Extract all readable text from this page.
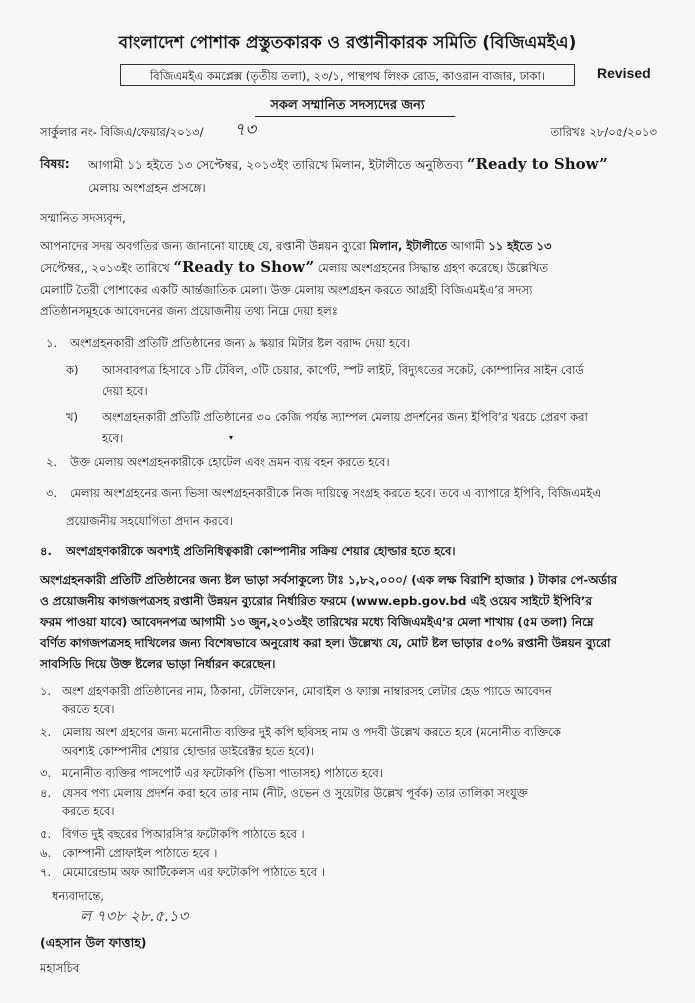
বাংলাদেশ পোশাক প্রস্তুতকারক ও রপ্তানীকারক সমিতি (বিজিএমইএ)
বিজিএমইএ কমপ্লেক্স (তৃতীয় তলা), ২৩/১, পান্থপথ লিংক রোড, কাওরান বাজার, ঢাকা।	Revised
সকল সম্মানিত সদস্যদের জন্য
সার্কুলার নং- বিজিএ/ফেয়ার/২০১৩/ ৭৩	তারিখঃ ২৮/০৫/২০১৩
বিষয়: আগামী ১১ হইতে ১৩ সেপ্টেম্বর, ২০১৩ইং তারিখে মিলান, ইটালীতে অনুষ্ঠিতব্য “Ready to Show”
মেলায় অংশগ্রহন প্রসঙ্গে।
সম্মানিত সদস্যবৃন্দ,
আপনাদের সদয় অবগতির জন্য জানানো যাচ্ছে যে, রপ্তানী উন্নয়ন ব্যুরো মিলান, ইটালীতে আগামী ১১ হইতে ১৩
সেপ্টেম্বর,, ২০১৩ইং তারিখে “Ready to Show” মেলায় অংশগ্রহনের সিদ্ধান্ত গ্রহণ করেছে। উল্লেখিত
মেলাটি তৈরী পোশাকের একটি আর্ন্তজাতিক মেলা। উক্ত মেলায় অংশগ্রহন করতে আগ্রহী বিজিএমইএ’র সদস্য
প্রতিষ্ঠানসমূহকে আবেদনের জন্য প্রয়োজনীয় তথ্য নিম্নে দেয়া হলঃ
১. অংশগ্রহনকারী প্রতিটি প্রতিষ্ঠানের জন্য ৯ স্কয়ার মিটার ষ্টল বরাদ্দ দেয়া হবে।
ক) আসবাবপত্র হিসাবে ১টি টেবিল, ৩টি চেয়ার, কার্পেট, স্পট লাইট, বিদ্যুৎতের সকেট, কোম্পানির সাইন বোর্ড
দেয়া হবে।
খ) অংশগ্রহনকারী প্রতিটি প্রতিষ্ঠানের ৩০ কেজি পর্যন্ত স্যাম্পল মেলায় প্রদর্শনের জন্য ইপিবি’র খরচে প্রেরণ করা
হবে।	▾
২. উক্ত মেলায় অংশগ্রহনকারীকে হোটেল এবং ভ্রমন ব্যয় বহন করতে হবে।
৩. মেলায় অংশগ্রহনের জন্য ভিসা অংশগ্রহনকারীকে নিজ দায়িত্বে সংগ্রহ করতে হবে। তবে এ ব্যাপারে ইপিবি, বিজিএমইএ
প্রয়োজনীয় সহযোগিতা প্রদান করবে।
৪. অংশগ্রহণকারীকে অবশ্যই প্রতিনিধিত্বকারী কোম্পানীর সক্রিয় শেয়ার হোল্ডার হতে হবে।
অংশগ্রহনকারী প্রতিটি প্রতিষ্ঠানের জন্য ষ্টল ভাড়া সর্বসাকুল্যে টাঃ ১,৮২,০০০/ (এক লক্ষ বিরাশি হাজার ) টাকার পে-অর্ডার
ও প্রয়োজনীয় কাগজপত্রসহ রপ্তানী উন্নয়ন ব্যুরোর নির্ধারিত ফরমে (www.epb.gov.bd এই ওয়েব সাইটে ইপিবি’র
ফরম পাওয়া যাবে) আবেদনপত্র আগামী ১৩ জুন,২০১৩ইং তারিখের মধ্যে বিজিএমইএ’র মেলা শাখায় (৫ম তলা) নিম্নে
বর্ণিত কাগজপত্রসহ দাখিলের জন্য বিশেষভাবে অনুরোধ করা হল। উল্লেখ্য যে, মোট ষ্টল ভাড়ার ৫০% রপ্তানী উন্নয়ন ব্যুরো
সাবসিডি দিয়ে উক্ত ষ্টলের ভাড়া নির্ধারন করেছেন।
১. অংশ গ্রহণকারী প্রতিষ্ঠানের নাম, ঠিকানা, টেলিফোন, মোবাইল ও ফ্যাক্স নাম্বারসহ লেটার হেড প্যাডে আবেদন
করতে হবে।
২. মেলায় অংশ গ্রহণের জন্য মনোনীত ব্যক্তির দুই কপি ছবিসহ নাম ও পদবী উল্লেখ করতে হবে (মনোনীত ব্যক্তিকে
অবশ্যই কোম্পানীর শেয়ার হোল্ডার ডাইরেক্টর হতে হবে)।
৩. মনোনীত ব্যক্তির পাসপোর্ট এর ফটোকপি (ভিসা পাতাসহ) পাঠাতে হবে।
৪. যেসব পণ্য মেলায় প্রদর্শন করা হবে তার নাম (নীট, ওভেন ও সুয়েটার উল্লেখ পূর্বক) তার তালিকা সংযুক্ত
করতে হবে।
৫. বিগত দুই বছরের পিআরসি’র ফটোকপি পাঠাতে হবে ।
৬. কোম্পানী প্রোফাইল পাঠাতে হবে ।
৭. মেমোরেন্ডাম অফ আর্টিকেলস এর ফটোকপি পাঠাতে হবে ।
ধন্যবাদান্তে,
ল ৭৩৮ ২৮.৫.১৩
(এহসান উল ফাত্তাহ)
মহাসচিব
